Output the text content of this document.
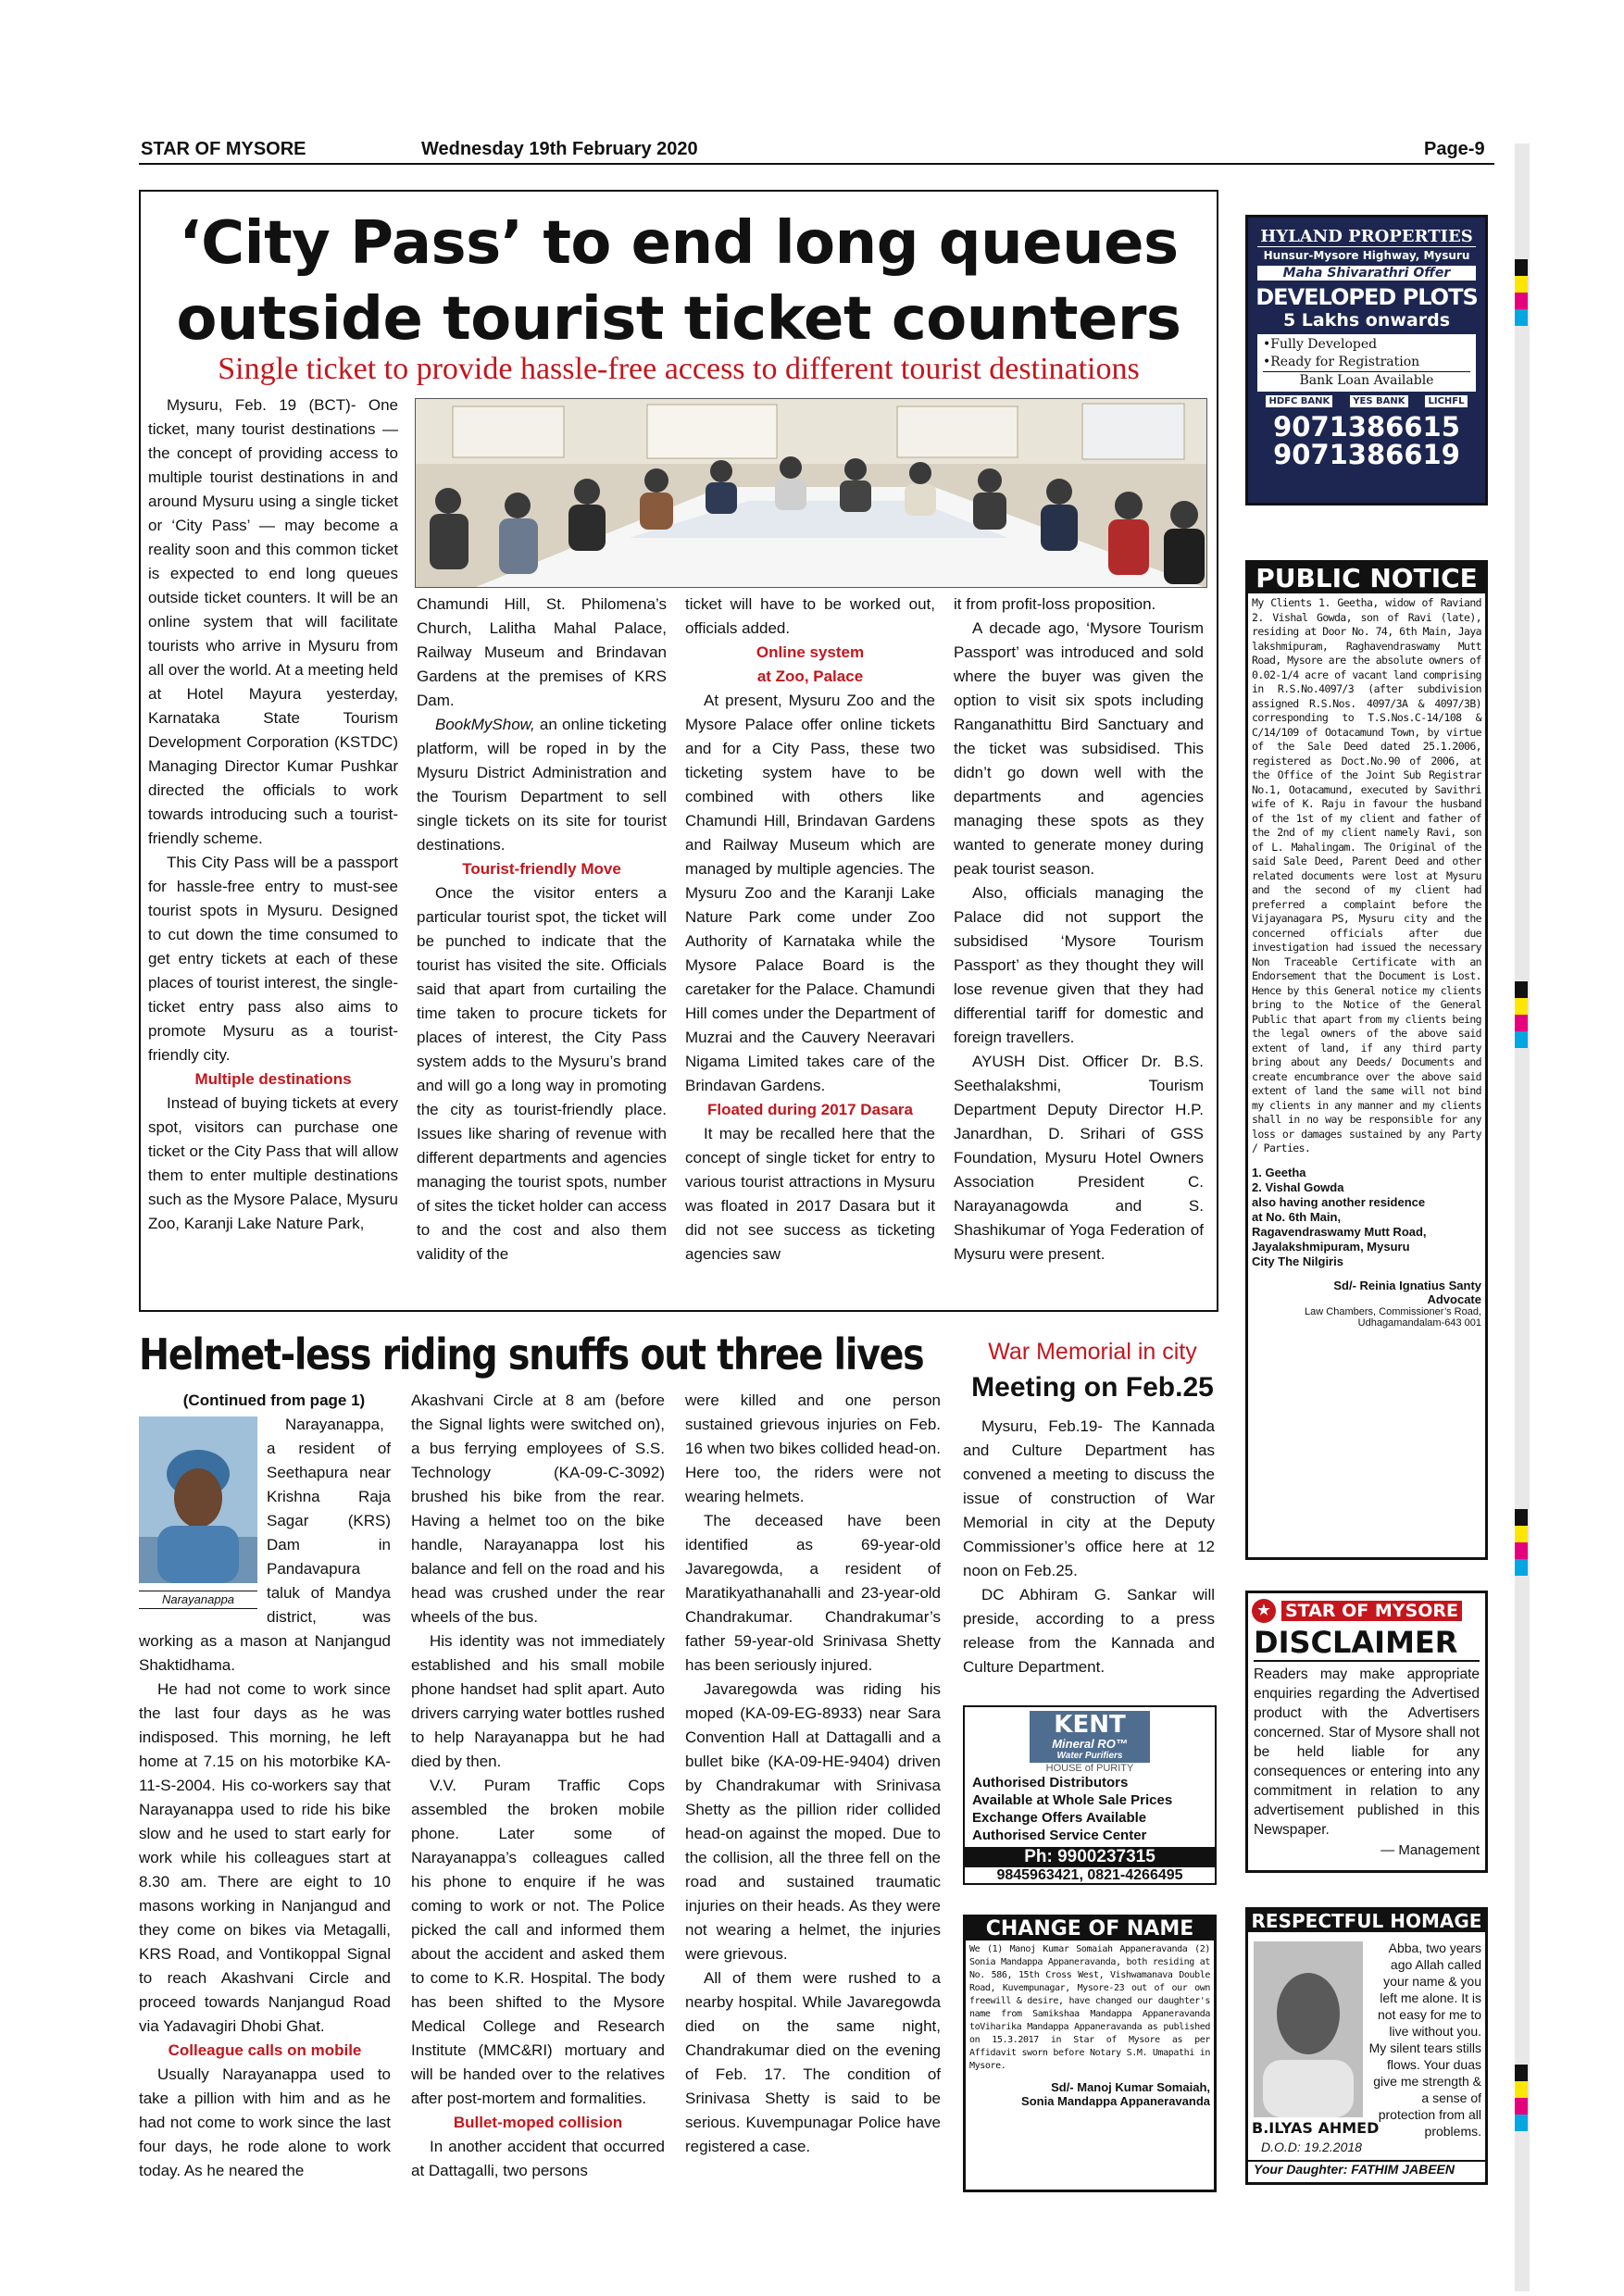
STAR OF MYSORE	Wednesday 19th February 2020	Page-9
‘City Pass’ to end long queues
outside tourist ticket counters
Single ticket to provide hassle-free access to different tourist destinations

Mysuru, Feb. 19 (BCT)- One ticket, many tourist destinations — the concept of providing access to multiple tourist destinations in and around Mysuru using a single ticket or ‘City Pass’ — may become a reality soon and this common ticket is expected to end long queues outside ticket counters. It will be an online system that will facilitate tourists who arrive in Mysuru from all over the world. At a meeting held at Hotel Mayura yesterday, Karnataka State Tourism Development Corporation (KSTDC) Managing Director Kumar Pushkar directed the officials to work towards introducing such a tourist-friendly scheme.

This City Pass will be a passport for hassle-free entry to must-see tourist spots in Mysuru. Designed to cut down the time consumed to get entry tickets at each of these places of tourist interest, the single-ticket entry pass also aims to promote Mysuru as a tourist-friendly city.

Multiple destinations

Instead of buying tickets at every spot, visitors can purchase one ticket or the City Pass that will allow them to enter multiple destinations such as the Mysore Palace, Mysuru Zoo, Karanji Lake Nature Park,

Chamundi Hill, St. Philomena’s Church, Lalitha Mahal Palace, Railway Museum and Brindavan Gardens at the premises of KRS Dam.

BookMyShow, an online ticketing platform, will be roped in by the Mysuru District Administration and the Tourism Department to sell single tickets on its site for tourist destinations.

Tourist-friendly Move

Once the visitor enters a particular tourist spot, the ticket will be punched to indicate that the tourist has visited the site. Officials said that apart from curtailing the time taken to procure tickets for places of interest, the City Pass system adds to the Mysuru’s brand and will go a long way in promoting the city as tourist-friendly place. Issues like sharing of revenue with different departments and agencies managing the tourist spots, number of sites the ticket holder can access to and the cost and also them validity of the

ticket will have to be worked out, officials added.

Online system
at Zoo, Palace

At present, Mysuru Zoo and the Mysore Palace offer online tickets and for a City Pass, these two ticketing system have to be combined with others like Chamundi Hill, Brindavan Gardens and Railway Museum which are managed by multiple agencies. The Mysuru Zoo and the Karanji Lake Nature Park come under Zoo Authority of Karnataka while the Mysore Palace Board is the caretaker for the Palace. Chamundi Hill comes under the Department of Muzrai and the Cauvery Neeravari Nigama Limited takes care of the Brindavan Gardens.

Floated during 2017 Dasara

It may be recalled here that the concept of single ticket for entry to various tourist attractions in Mysuru was floated in 2017 Dasara but it did not see success as ticketing agencies saw

it from profit-loss proposition.

A decade ago, ‘Mysore Tourism Passport’ was introduced and sold where the buyer was given the option to visit six spots including Ranganathittu Bird Sanctuary and the ticket was subsidised. This didn’t go down well with the departments and agencies managing these spots as they wanted to generate money during peak tourist season.

Also, officials managing the Palace did not support the subsidised ‘Mysore Tourism Passport’ as they thought they will lose revenue given that they had differential tariff for domestic and foreign travellers.

AYUSH Dist. Officer Dr. B.S. Seethalakshmi, Tourism Department Deputy Director H.P. Janardhan, D. Srihari of GSS Foundation, Mysuru Hotel Owners Association President C. Narayanagowda and S. Shashikumar of Yoga Federation of Mysuru were present.

Helmet-less riding snuffs out three lives
(Continued from page 1)
Narayanappa

Narayanappa, a resident of Seethapura near Krishna Raja Sagar (KRS) Dam in Pandavapura taluk of Mandya district, was working as a mason at Nanjangud Shaktidhama.

He had not come to work since the last four days as he was indisposed. This morning, he left home at 7.15 on his motorbike KA-11-S-2004. His co-workers say that Narayanappa used to ride his bike slow and he used to start early for work while his colleagues start at 8.30 am. There are eight to 10 masons working in Nanjangud and they come on bikes via Metagalli, KRS Road, and Vontikoppal Signal to reach Akashvani Circle and proceed towards Nanjangud Road via Yadavagiri Dhobi Ghat.

Colleague calls on mobile

Usually Narayanappa used to take a pillion with him and as he had not come to work since the last four days, he rode alone to work today. As he neared the

Akashvani Circle at 8 am (before the Signal lights were switched on), a bus ferrying employees of S.S. Technology (KA-09-C-3092) brushed his bike from the rear. Having a helmet too on the bike handle, Narayanappa lost his balance and fell on the road and his head was crushed under the rear wheels of the bus.

His identity was not immediately established and his small mobile phone handset had split apart. Auto drivers carrying water bottles rushed to help Narayanappa but he had died by then.

V.V. Puram Traffic Cops assembled the broken mobile phone. Later some of Narayanappa’s colleagues called his phone to enquire if he was coming to work or not. The Police picked the call and informed them about the accident and asked them to come to K.R. Hospital. The body has been shifted to the Mysore Medical College and Research Institute (MMC&RI) mortuary and will be handed over to the relatives after post-mortem and formalities.

Bullet-moped collision

In another accident that occurred at Dattagalli, two persons

were killed and one person sustained grievous injuries on Feb. 16 when two bikes collided head-on. Here too, the riders were not wearing helmets.

The deceased have been identified as 69-year-old Javaregowda, a resident of Maratikyathanahalli and 23-year-old Chandrakumar. Chandrakumar’s father 59-year-old Srinivasa Shetty has been seriously injured.

Javaregowda was riding his moped (KA-09-EG-8933) near Sara Convention Hall at Dattagalli and a bullet bike (KA-09-HE-9404) driven by Chandrakumar with Srinivasa Shetty as the pillion rider collided head-on against the moped. Due to the collision, all the three fell on the road and sustained traumatic injuries on their heads. As they were not wearing a helmet, the injuries were grievous.

All of them were rushed to a nearby hospital. While Javaregowda died on the same night, Chandrakumar died on the evening of Feb. 17. The condition of Srinivasa Shetty is said to be serious. Kuvempunagar Police have registered a case.

War Memorial in city
Meeting on Feb.25

Mysuru, Feb.19- The Kannada and Culture Department has convened a meeting to discuss the issue of construction of War Memorial in city at the Deputy Commissioner’s office here at 12 noon on Feb.25.

DC Abhiram G. Sankar will preside, according to a press release from the Kannada and Culture Department.

HYLAND PROPERTIES
Hunsur-Mysore Highway, Mysuru
Maha Shivarathri Offer
DEVELOPED PLOTS
5 Lakhs onwards
•Fully Developed
•Ready for Registration
Bank Loan Available
HDFC BANK	YES BANK	LICHFL
9071386615
9071386619
PUBLIC NOTICE
My Clients 1. Geetha, widow of Raviand 2. Vishal Gowda, son of Ravi (late), residing at Door No. 74, 6th Main, Jaya lakshmipuram, Raghavendraswamy Mutt Road, Mysore are the absolute owners of 0.02-1/4 acre of vacant land comprising in R.S.No.4097/3 (after subdivision assigned R.S.Nos. 4097/3A & 4097/3B) corresponding to T.S.Nos.C-14/108 & C/14/109 of Ootacamund Town, by virtue of the Sale Deed dated 25.1.2006, registered as Doct.No.90 of 2006, at the Office of the Joint Sub Registrar No.1, Ootacamund, executed by Savithri wife of K. Raju in favour the husband of the 1st of my client and father of the 2nd of my client namely Ravi, son of L. Mahalingam. The Original of the said Sale Deed, Parent Deed and other related documents were lost at Mysuru and the second of my client had preferred a complaint before the Vijayanagara PS, Mysuru city and the concerned officials after due investigation had issued the necessary Non Traceable Certificate with an Endorsement that the Document is Lost. Hence by this General notice my clients bring to the Notice of the General Public that apart from my clients being the legal owners of the above said extent of land, if any third party bring about any Deeds/ Documents and create encumbrance over the above said extent of land the same will not bind my clients in any manner and my clients shall in no way be responsible for any loss or damages sustained by any Party / Parties.
1. Geetha
2. Vishal Gowda
also having another residence at No. 6th Main, Ragavendraswamy Mutt Road, Jayalakshmipuram, Mysuru City The Nilgiris
Sd/- Reinia Ignatius Santy
Advocate
Law Chambers, Commissioner’s Road,
Udhagamandalam-643 001
★ STAR OF MYSORE
DISCLAIMER
Readers may make appropriate enquiries regarding the Advertised product with the Advertisers concerned. Star of Mysore shall not be held liable for any consequences or entering into any commitment in relation to any advertisement published in this Newspaper.
— Management
KENT
Mineral RO™
Water Purifiers
HOUSE of PURITY
Authorised Distributors
Available at Whole Sale Prices
Exchange Offers Available
Authorised Service Center
Ph: 9900237315
9845963421, 0821-4266495
CHANGE OF NAME
We (1) Manoj Kumar Somaiah Appaneravanda (2) Sonia Mandappa Appaneravanda, both residing at No. 586, 15th Cross West, Vishwamanava Double Road, Kuvempunagar, Mysore-23 out of our own freewill & desire, have changed our daughter's name from Samikshaa Mandappa Appaneravanda toViharika Mandappa Appaneravanda as published on 15.3.2017 in Star of Mysore as per Affidavit sworn before Notary S.M. Umapathi in Mysore.
Sd/- Manoj Kumar Somaiah,
Sonia Mandappa Appaneravanda
RESPECTFUL HOMAGE
Abba, two years ago Allah called your name & you left me alone. It is not easy for me to live without you. My silent tears stills flows. Your duas give me strength & a sense of protection from all problems.
B.ILYAS AHMED
D.O.D: 19.2.2018
Your Daughter: FATHIM JABEEN
